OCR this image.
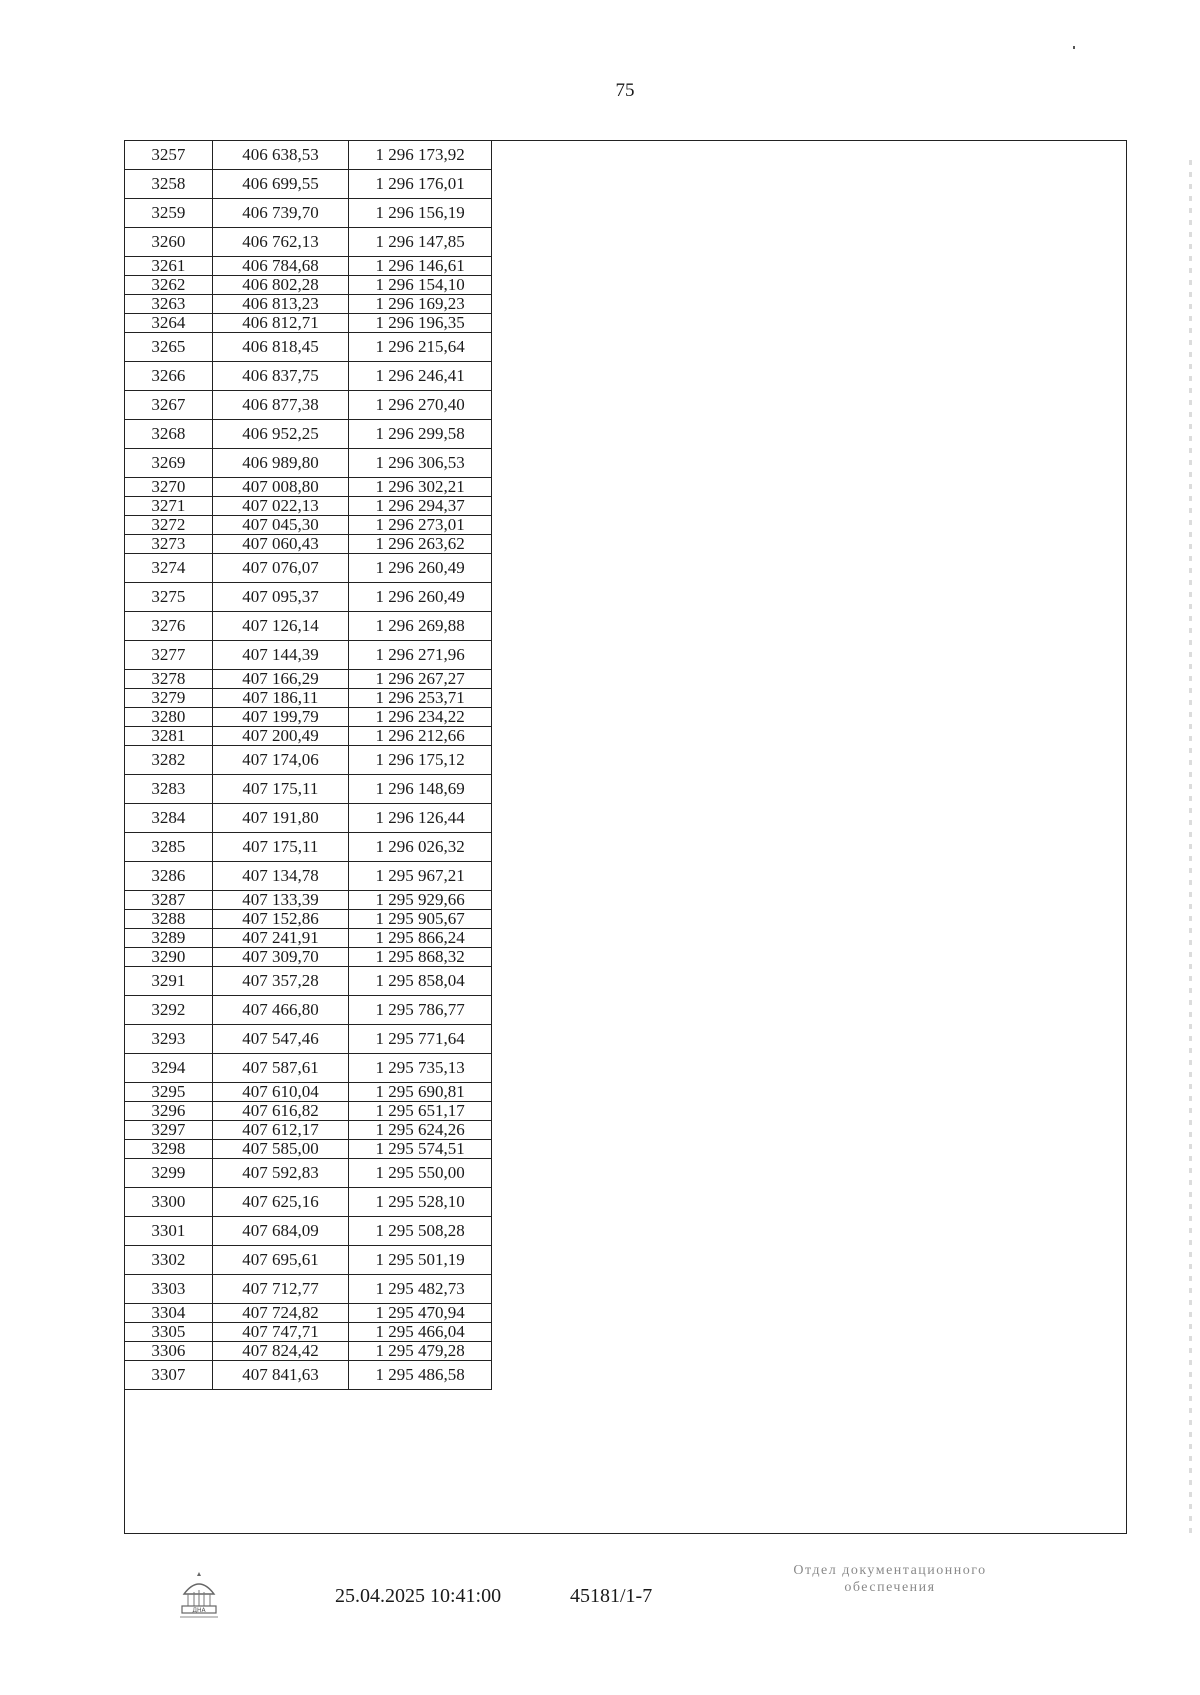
75
3257	406 638,53	1 296 173,92
3258	406 699,55	1 296 176,01
3259	406 739,70	1 296 156,19
3260	406 762,13	1 296 147,85
3261	406 784,68	1 296 146,61
3262	406 802,28	1 296 154,10
3263	406 813,23	1 296 169,23
3264	406 812,71	1 296 196,35
3265	406 818,45	1 296 215,64
3266	406 837,75	1 296 246,41
3267	406 877,38	1 296 270,40
3268	406 952,25	1 296 299,58
3269	406 989,80	1 296 306,53
3270	407 008,80	1 296 302,21
3271	407 022,13	1 296 294,37
3272	407 045,30	1 296 273,01
3273	407 060,43	1 296 263,62
3274	407 076,07	1 296 260,49
3275	407 095,37	1 296 260,49
3276	407 126,14	1 296 269,88
3277	407 144,39	1 296 271,96
3278	407 166,29	1 296 267,27
3279	407 186,11	1 296 253,71
3280	407 199,79	1 296 234,22
3281	407 200,49	1 296 212,66
3282	407 174,06	1 296 175,12
3283	407 175,11	1 296 148,69
3284	407 191,80	1 296 126,44
3285	407 175,11	1 296 026,32
3286	407 134,78	1 295 967,21
3287	407 133,39	1 295 929,66
3288	407 152,86	1 295 905,67
3289	407 241,91	1 295 866,24
3290	407 309,70	1 295 868,32
3291	407 357,28	1 295 858,04
3292	407 466,80	1 295 786,77
3293	407 547,46	1 295 771,64
3294	407 587,61	1 295 735,13
3295	407 610,04	1 295 690,81
3296	407 616,82	1 295 651,17
3297	407 612,17	1 295 624,26
3298	407 585,00	1 295 574,51
3299	407 592,83	1 295 550,00
3300	407 625,16	1 295 528,10
3301	407 684,09	1 295 508,28
3302	407 695,61	1 295 501,19
3303	407 712,77	1 295 482,73
3304	407 724,82	1 295 470,94
3305	407 747,71	1 295 466,04
3306	407 824,42	1 295 479,28
3307	407 841,63	1 295 486,58
ДНА
25.04.2025 10:41:00	45181/1-7
Отдел документационного
обеспечения
